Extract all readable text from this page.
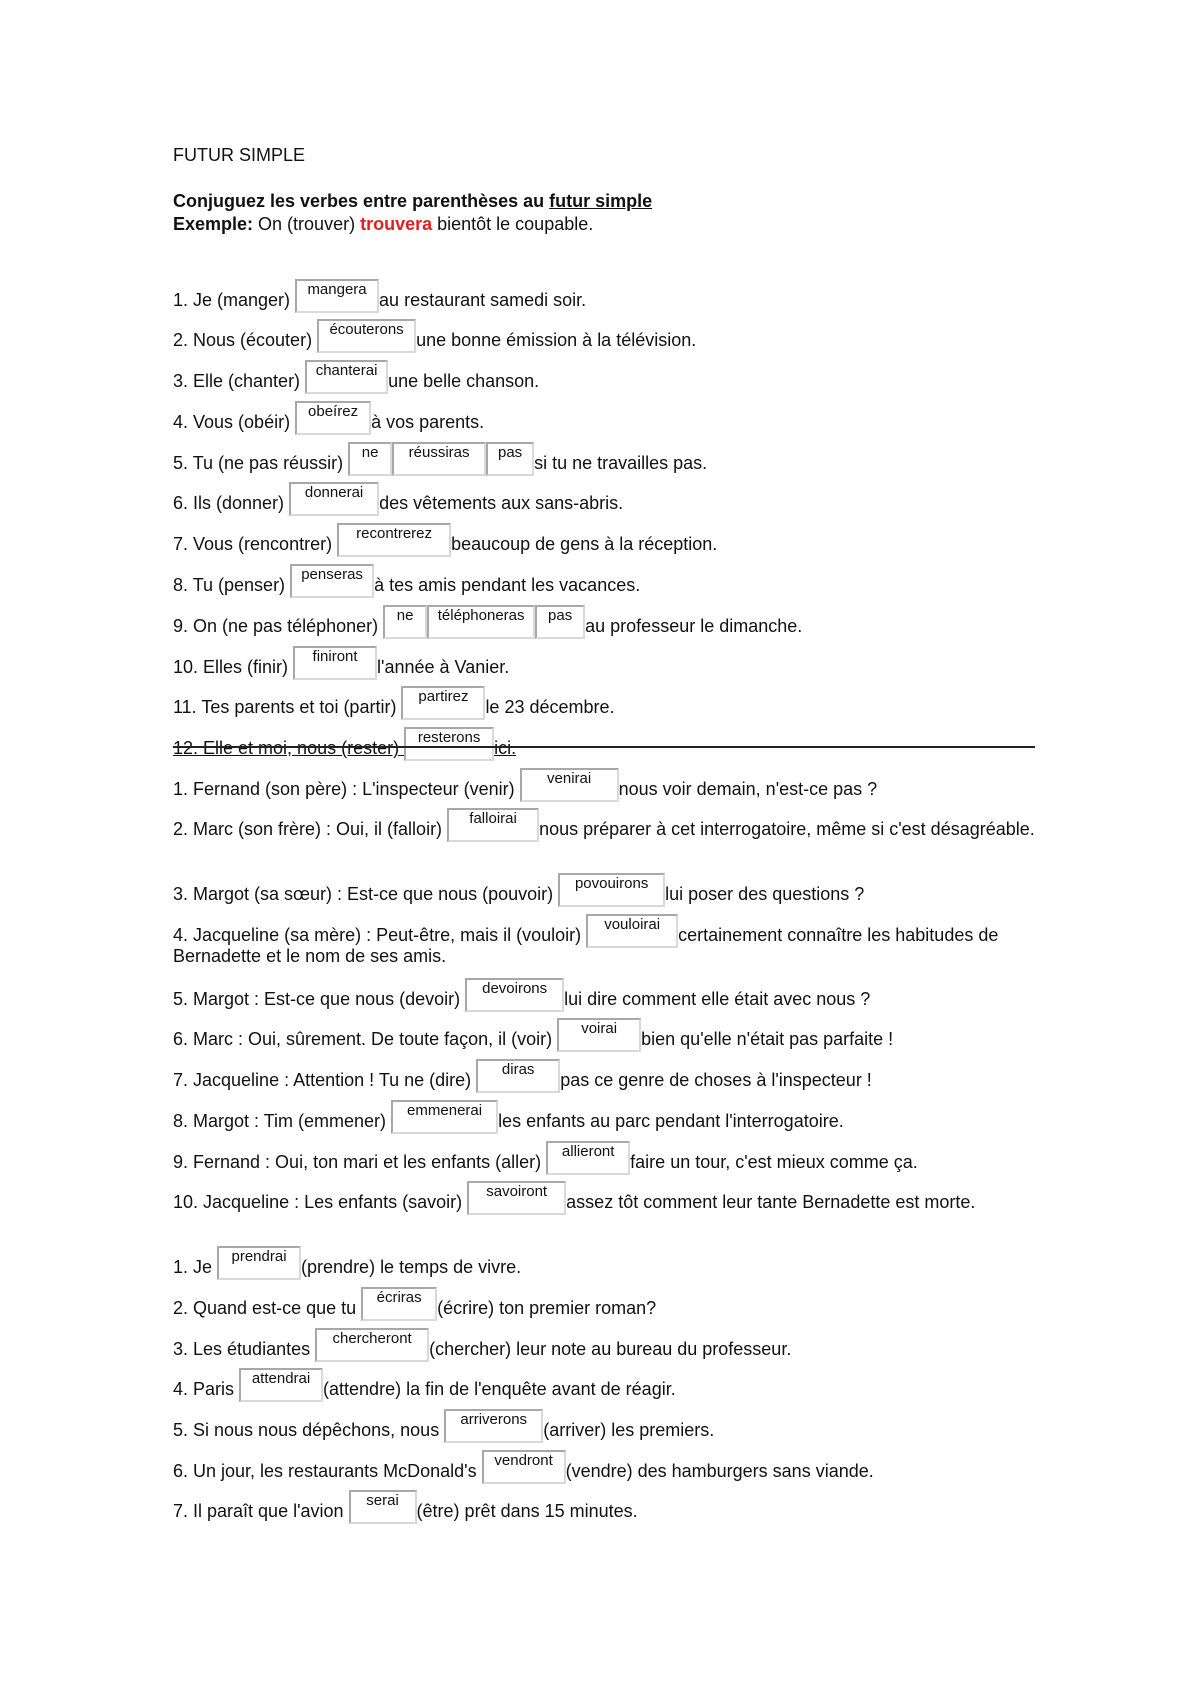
FUTUR SIMPLE
Conjuguez les verbes entre parenthèses au futur simple
Exemple: On (trouver) trouvera bientôt le coupable.
1. Je (manger) mangeraau restaurant samedi soir.
2. Nous (écouter) écouteronsune bonne émission à la télévision.
3. Elle (chanter) chanteraiune belle chanson.
4. Vous (obéir) obeírezà vos parents.
5. Tu (ne pas réussir) ne réussiras passi tu ne travailles pas.
6. Ils (donner) donneraides vêtements aux sans-abris.
7. Vous (rencontrer) recontrerezbeaucoup de gens à la réception.
8. Tu (penser) penserasà tes amis pendant les vacances.
9. On (ne pas téléphoner) ne téléphoneras pasau professeur le dimanche.
10. Elles (finir) finirontl'année à Vanier.
11. Tes parents et toi (partir) partirezle 23 décembre.
12. Elle et moi, nous (rester) resteronsici.
1. Fernand (son père) : L'inspecteur (venir) venirainous voir demain, n'est-ce pas ?
2. Marc (son frère) : Oui, il (falloir) falloirainous préparer à cet interrogatoire, même si c'est désagréable.
3. Margot (sa sœur) : Est-ce que nous (pouvoir) povouironslui poser des questions ?
4. Jacqueline (sa mère) : Peut-être, mais il (vouloir) vouloiraicertainement connaître les habitudes de Bernadette et le nom de ses amis.
5. Margot : Est-ce que nous (devoir) devoironslui dire comment elle était avec nous ?
6. Marc : Oui, sûrement. De toute façon, il (voir) voiraibien qu'elle n'était pas parfaite !
7. Jacqueline : Attention ! Tu ne (dire) diraspas ce genre de choses à l'inspecteur !
8. Margot : Tim (emmener) emmenerailes enfants au parc pendant l'interrogatoire.
9. Fernand : Oui, ton mari et les enfants (aller) allierontfaire un tour, c'est mieux comme ça.
10. Jacqueline : Les enfants (savoir) savoirontassez tôt comment leur tante Bernadette est morte.
1. Je prendrai(prendre) le temps de vivre.
2. Quand est-ce que tu écriras(écrire) ton premier roman?
3. Les étudiantes chercheront(chercher) leur note au bureau du professeur.
4. Paris attendrai(attendre) la fin de l'enquête avant de réagir.
5. Si nous nous dépêchons, nous arriverons(arriver) les premiers.
6. Un jour, les restaurants McDonald's vendront(vendre) des hamburgers sans viande.
7. Il paraît que l'avion serai(être) prêt dans 15 minutes.
